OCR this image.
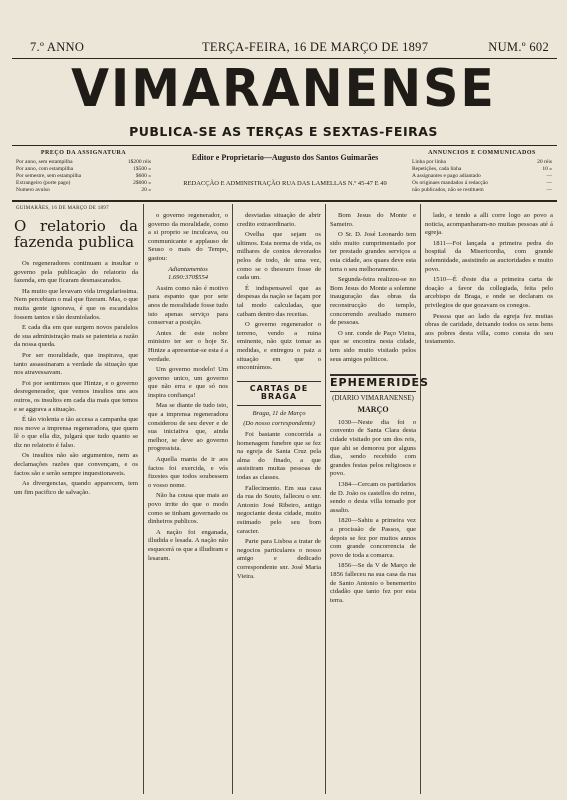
7.º ANNO	TERÇA-FEIRA, 16 DE MARÇO DE 1897	NUM.º 602
VIMARANENSE
PUBLICA-SE AS TERÇAS E SEXTAS-FEIRAS
PREÇO DA ASSIGNATURA
Por anno, sem estampilha	1$200 réis
Por anno, com estampilha	1$500 »
Por semestre, sem estampilha	$600 »
Extrangeiro (porte pago)	2$000 »
Numero avulso	20 »
Editor e Proprietario—Augusto dos Santos Guimarães
REDACÇÃO E ADMINISTRAÇÃO RUA DAS LAMELLAS N.º 45-47 E 49
ANNUNCIOS E COMMUNICADOS
Linha por linha	20 réis
Repetições, cada linha	10 »
A assignantes e pago adiantado	—
Os originaes mandados á redacção	—
não publicados, não se restituem	—
GUIMARÃES, 16 DE MARÇO DE 1897
O relatorio da fazenda publica

Os regeneradores continuam a insultar o governo pela publicação do relatorio da fazenda, em que ficaram desmascarados.

Ha muito que levavam vida irregularissima. Nem percebiam o mal que fizeram. Mas, o que muita gente ignorava, é que os escandalos fossem tantos e tão desmiolados.

E cada dia em que surgem novos paralelos de sua administração mais se patenteia a razão da nossa queda.

Por ser moralidade, que inspirava, que tanto assassinaram a verdade da situação que nos atravessavam.

Foi por sentirmos que Hintze, e o governo desregenerador, que vemos insultos uns aos outros, os insultos em cada dia mais que temos e se aggrava a situação.

É tão violenta e tão accesa a campanha que nos move a imprensa regeneradora, que quem lê o que ella diz, julgará que tudo quanto se diz no relatorio é falso.

Os insultos não são argumentos, nem as declamações razões que convençam, e os factos são e serão sempre inquestionaveis.

As divergencias, quando apparecem, tem um fim pacifico de salvação.

o governo regenerador, o governo da moralidade, como a si proprio se inculcava, ou communicante e applauso de Seuso o mais do Tempo, gastou:

Adiantamentos 1.690:370$554

Assim como não é motivo para espanto que por sete anos de moralidade fosse tudo isto apenas serviço para conservar a posição.

Antes de este nobre ministro ter ser o hoje Sr. Hintze a apresentar-se esta é a verdade.

Um governo modelo! Um governo unico, um governo que não erra e que só nos inspira confiança!

Mas se diante de tudo isto, que a imprensa regeneradora considerou de seu dever e de sua iniciativa que, ainda melhor, se deve ao governo progressista.

Aquella mania de ir aos factos foi exercida, e vós fizestes que todos soubessem o vosso nome.

Não ha cousa que mais ao povo irrite do que o modo como se tinham governado os dinheiros publicos.

A nação foi enganada, illudida e lesada. A nação não esquecerá os que a illudiram e lesaram.

desviadas situação de abrir credito extraordinario.

Ovelha que sejam os ultimos. Esta norma de vida, os milhares de contos devorados pelos de todo, de uma vez, como se o thesouro fosse de cada um.

É indispensavel que as despesas da nação se façam por tal modo calculadas, que caibam dentro das receitas.

O governo regenerador o terreno, vendo a ruina eminente, não quiz tomar as medidas, e entregou o paiz a situação em que o encontrámos.

CARTAS DE BRAGA

Braga, 11 de Março

(Do nosso correspondente)

Foi bastante concorrida a homenagem funebre que se fez na egreja de Santa Cruz pela alma do finado, a que assistiram muitas pessoas de todas as classes.

Fallecimento. Em sua casa da rua do Souto, falleceu o snr. Antonio José Ribeiro, antigo negociante desta cidade, muito estimado pelo seu bom caracter.

Parte para Lisboa a tratar de negocios particulares o nosso amigo e dedicado correspondente snr. José Maria Vieira.

Bom Jesus do Monte e Sameiro.

O Sr. D. José Leonardo tem sido muito cumprimentado por ter prestado grandes serviços a esta cidade, aos quaes deve esta terra o seu melhoramento.

Segunda-feira realizou-se no Bom Jesus do Monte a solemne inauguração das obras da reconstrucção do templo, concorrendo avultado numero de pessoas.

O snr. conde de Paço Vieira, que se encontra nesta cidade, tem sido muito visitado pelos seus amigos politicos.

EPHEMERIDES
(DIARIO VIMARANENSE)
MARÇO

1030—Neste dia foi o convento de Santa Clara desta cidade visitado por um dos reis, que ahi se demorou por alguns dias, sendo recebido com grandes festas pelos religiosos e povo.

1384—Cercam os partidarios de D. João os castellos do reino, sendo o desta villa tomado por assalto.

1820—Sahiu a primeira vez a procissão de Passos, que depois se fez por muitos annos com grande concorrencia de povo de toda a comarca.

1856—Se da V de Março de 1856 falleceu na sua casa da rua de Santo Antonio o benemerito cidadão que tanto fez por esta terra.

lado, e tendo a alli corre logo ao povo a noticia, acompanharam-no muitas pessoas até á egreja.

1811—Foi lançada a primeira pedra do hospital da Misericordia, com grande solemnidade, assistindo as auctoridades e muito povo.

1510—É d'este dia a primeira carta de doação a favor da collegiada, feita pelo arcebispo de Braga, e onde se declaram os privilegios de que gozavam os conegos.

Pessoa que ao lado da egreja fez muitas obras de caridade, deixando todos os seus bens aos pobres desta villa, como consta do seu testamento.
